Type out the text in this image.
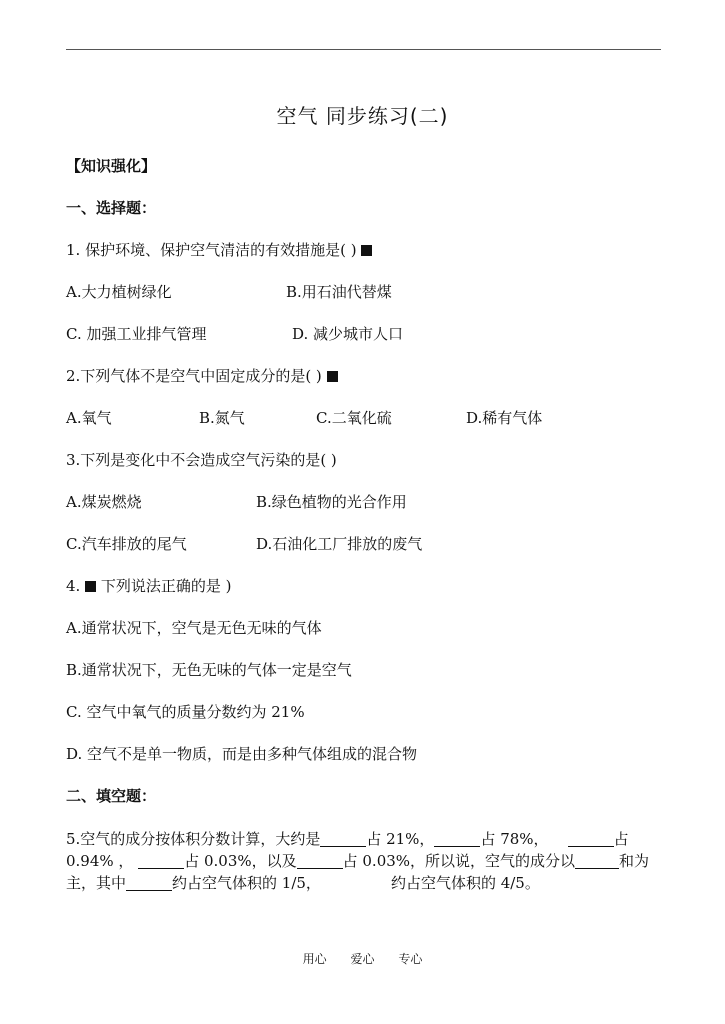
空气 同步练习(二)
【知识强化】
一、选择题：
1. 保护环境、保护空气清洁的有效措施是( )
A.大力植树绿化	B.用石油代替煤
C. 加强工业排气管理	D. 减少城市人口
2.下列气体不是空气中固定成分的是( )
A.氧气	B.氮气	C.二氧化硫	D.稀有气体
3.下列是变化中不会造成空气污染的是( )
A.煤炭燃烧	B.绿色植物的光合作用
C.汽车排放的尾气	D.石油化工厂排放的废气
4. 下列说法正确的是 )
A.通常状况下，空气是无色无味的气体
B.通常状况下，无色无味的气体一定是空气
C. 空气中氧气的质量分数约为 21%
D. 空气不是单一物质，而是由多种气体组成的混合物
二、填空题：
5.空气的成分按体积分数计算，大约是	占 21%，	占 78%，	占 0.94% ，	占 0.03%，以及	占 0.03%，所以说，空气的成分以	和为 主，其中	约占空气体积的 1/5，	约占空气体积的 4/5。
用心 爱心 专心
